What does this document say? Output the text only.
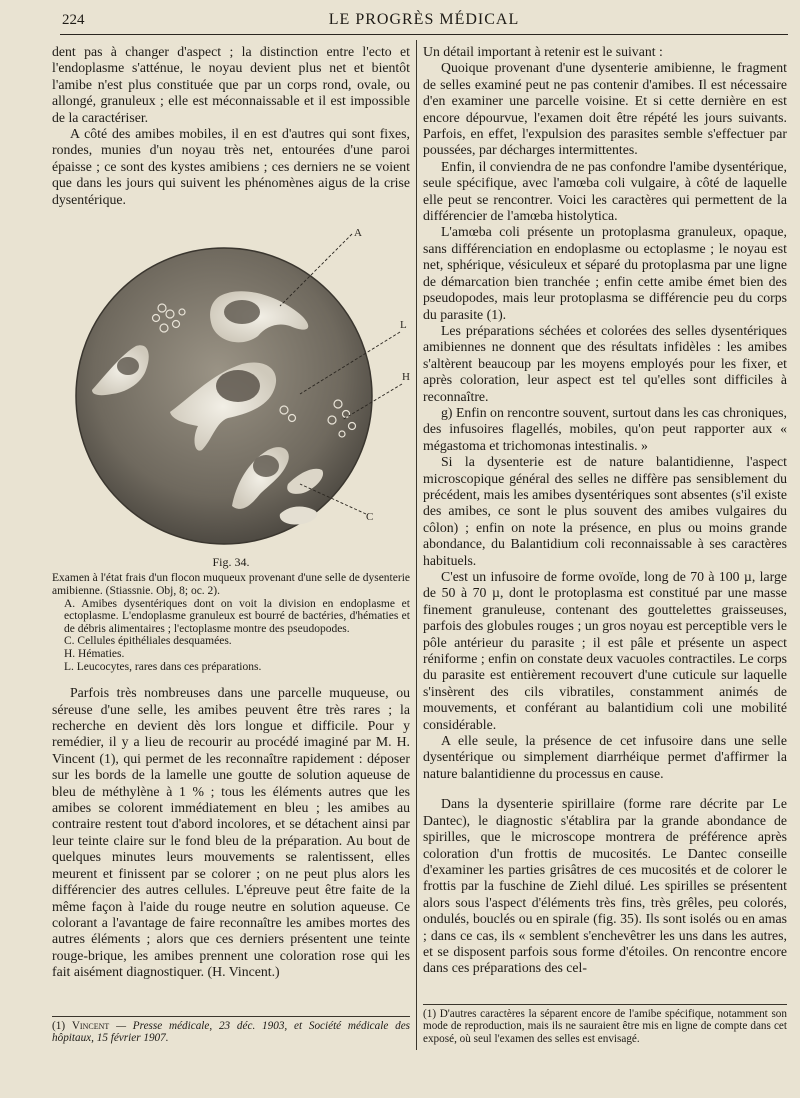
224	LE PROGRÈS MÉDICAL

dent pas à changer d'aspect ; la distinction entre l'ecto et l'endoplasme s'atténue, le noyau devient plus net et bientôt l'amibe n'est plus constituée que par un corps rond, ovale, ou allongé, granuleux ; elle est méconnaissable et il est impossible de la caractériser.

A côté des amibes mobiles, il en est d'autres qui sont fixes, rondes, munies d'un noyau très net, entourées d'une paroi épaisse ; ce sont des kystes amibiens ; ces derniers ne se voient que dans les jours qui suivent les phénomènes aigus de la crise dysentérique.

A
L
H
C
Fig. 34.
Examen à l'état frais d'un flocon muqueux provenant d'une selle de dysenterie amibienne. (Stiassnie. Obj, 8; oc. 2).
A. Amibes dysentériques dont on voit la division en endoplasme et ectoplasme. L'endoplasme granuleux est bourré de bactéries, d'hématies et de débris alimentaires ; l'ectoplasme montre des pseudopodes.
C. Cellules épithéliales desquamées.
H. Hématies.
L. Leucocytes, rares dans ces préparations.

Parfois très nombreuses dans une parcelle muqueuse, ou séreuse d'une selle, les amibes peuvent être très rares ; la recherche en devient dès lors longue et difficile. Pour y remédier, il y a lieu de recourir au procédé imaginé par M. H. Vincent (1), qui permet de les reconnaître rapidement : déposer sur les bords de la lamelle une goutte de solution aqueuse de bleu de méthylène à 1 % ; tous les éléments autres que les amibes se colorent immédiatement en bleu ; les amibes au contraire restent tout d'abord incolores, et se détachent ainsi par leur teinte claire sur le fond bleu de la préparation. Au bout de quelques minutes leurs mouvements se ralentissent, elles meurent et finissent par se colorer ; on ne peut plus alors les différencier des autres cellules. L'épreuve peut être faite de la même façon à l'aide du rouge neutre en solution aqueuse. Ce colorant a l'avantage de faire reconnaître les amibes mortes des autres éléments ; alors que ces derniers présentent une teinte rouge-brique, les amibes prennent une coloration rose qui les fait aisément diagnostiquer. (H. Vincent.)

(1) Vincent — Presse médicale, 23 déc. 1903, et Société médicale des hôpitaux, 15 février 1907.

Un détail important à retenir est le suivant :

Quoique provenant d'une dysenterie amibienne, le fragment de selles examiné peut ne pas contenir d'amibes. Il est nécessaire d'en examiner une parcelle voisine. Et si cette dernière en est encore dépourvue, l'examen doit être répété les jours suivants. Parfois, en effet, l'expulsion des parasites semble s'effectuer par poussées, par décharges intermittentes.

Enfin, il conviendra de ne pas confondre l'amibe dysentérique, seule spécifique, avec l'amœba coli vulgaire, à côté de laquelle elle peut se rencontrer. Voici les caractères qui permettent de la différencier de l'amœba histolytica.

L'amœba coli présente un protoplasma granuleux, opaque, sans différenciation en endoplasme ou ectoplasme ; le noyau est net, sphérique, vésiculeux et séparé du protoplasma par une ligne de démarcation bien tranchée ; enfin cette amibe émet bien des pseudopodes, mais leur protoplasma se différencie peu du corps du parasite (1).

Les préparations séchées et colorées des selles dysentériques amibiennes ne donnent que des résultats infidèles : les amibes s'altèrent beaucoup par les moyens employés pour les fixer, et après coloration, leur aspect est tel qu'elles sont difficiles à reconnaître.

g) Enfin on rencontre souvent, surtout dans les cas chroniques, des infusoires flagellés, mobiles, qu'on peut rapporter aux « mégastoma et trichomonas intestinalis. »

Si la dysenterie est de nature balantidienne, l'aspect microscopique général des selles ne diffère pas sensiblement du précédent, mais les amibes dysentériques sont absentes (s'il existe des amibes, ce sont le plus souvent des amibes vulgaires du côlon) ; enfin on note la présence, en plus ou moins grande abondance, du Balantidium coli reconnaissable à ses caractères habituels.

C'est un infusoire de forme ovoïde, long de 70 à 100 µ, large de 50 à 70 µ, dont le protoplasma est constitué par une masse finement granuleuse, contenant des gouttelettes graisseuses, parfois des globules rouges ; un gros noyau est perceptible vers le pôle antérieur du parasite ; il est pâle et présente un aspect réniforme ; enfin on constate deux vacuoles contractiles. Le corps du parasite est entièrement recouvert d'une cuticule sur laquelle s'insèrent des cils vibratiles, constamment animés de mouvements, et conférant au balantidium coli une mobilité considérable.

A elle seule, la présence de cet infusoire dans une selle dysentérique ou simplement diarrhéique permet d'affirmer la nature balantidienne du processus en cause.

Dans la dysenterie spirillaire (forme rare décrite par Le Dantec), le diagnostic s'établira par la grande abondance de spirilles, que le microscope montrera de préférence après coloration d'un frottis de mucosités. Le Dantec conseille d'examiner les parties grisâtres de ces mucosités et de colorer le frottis par la fuschine de Ziehl dilué. Les spirilles se présentent alors sous l'aspect d'éléments très fins, très grêles, peu colorés, ondulés, bouclés ou en spirale (fig. 35). Ils sont isolés ou en amas ; dans ce cas, ils « semblent s'enchevêtrer les uns dans les autres, et se disposent parfois sous forme d'étoiles. On rencontre encore dans ces préparations des cel-

(1) D'autres caractères la séparent encore de l'amibe spécifique, notamment son mode de reproduction, mais ils ne sauraient être mis en ligne de compte dans cet exposé, où seul l'examen des selles est envisagé.
